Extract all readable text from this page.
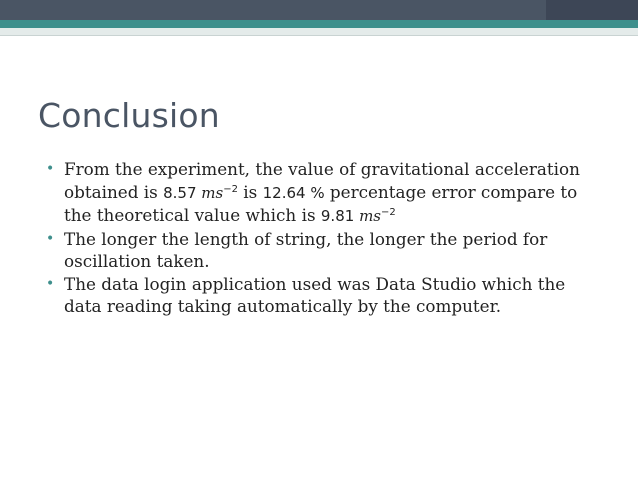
Conclusion
• From the experiment, the value of gravitational acceleration obtained is 8.57 $ms^{-2}$ is 12.64 % percentage error compare to the theoretical value which is 9.81 $ms^{-2}$
• The longer the length of string, the longer the period for oscillation taken.
• The data login application used was Data Studio which the data reading taking automatically by the computer.
